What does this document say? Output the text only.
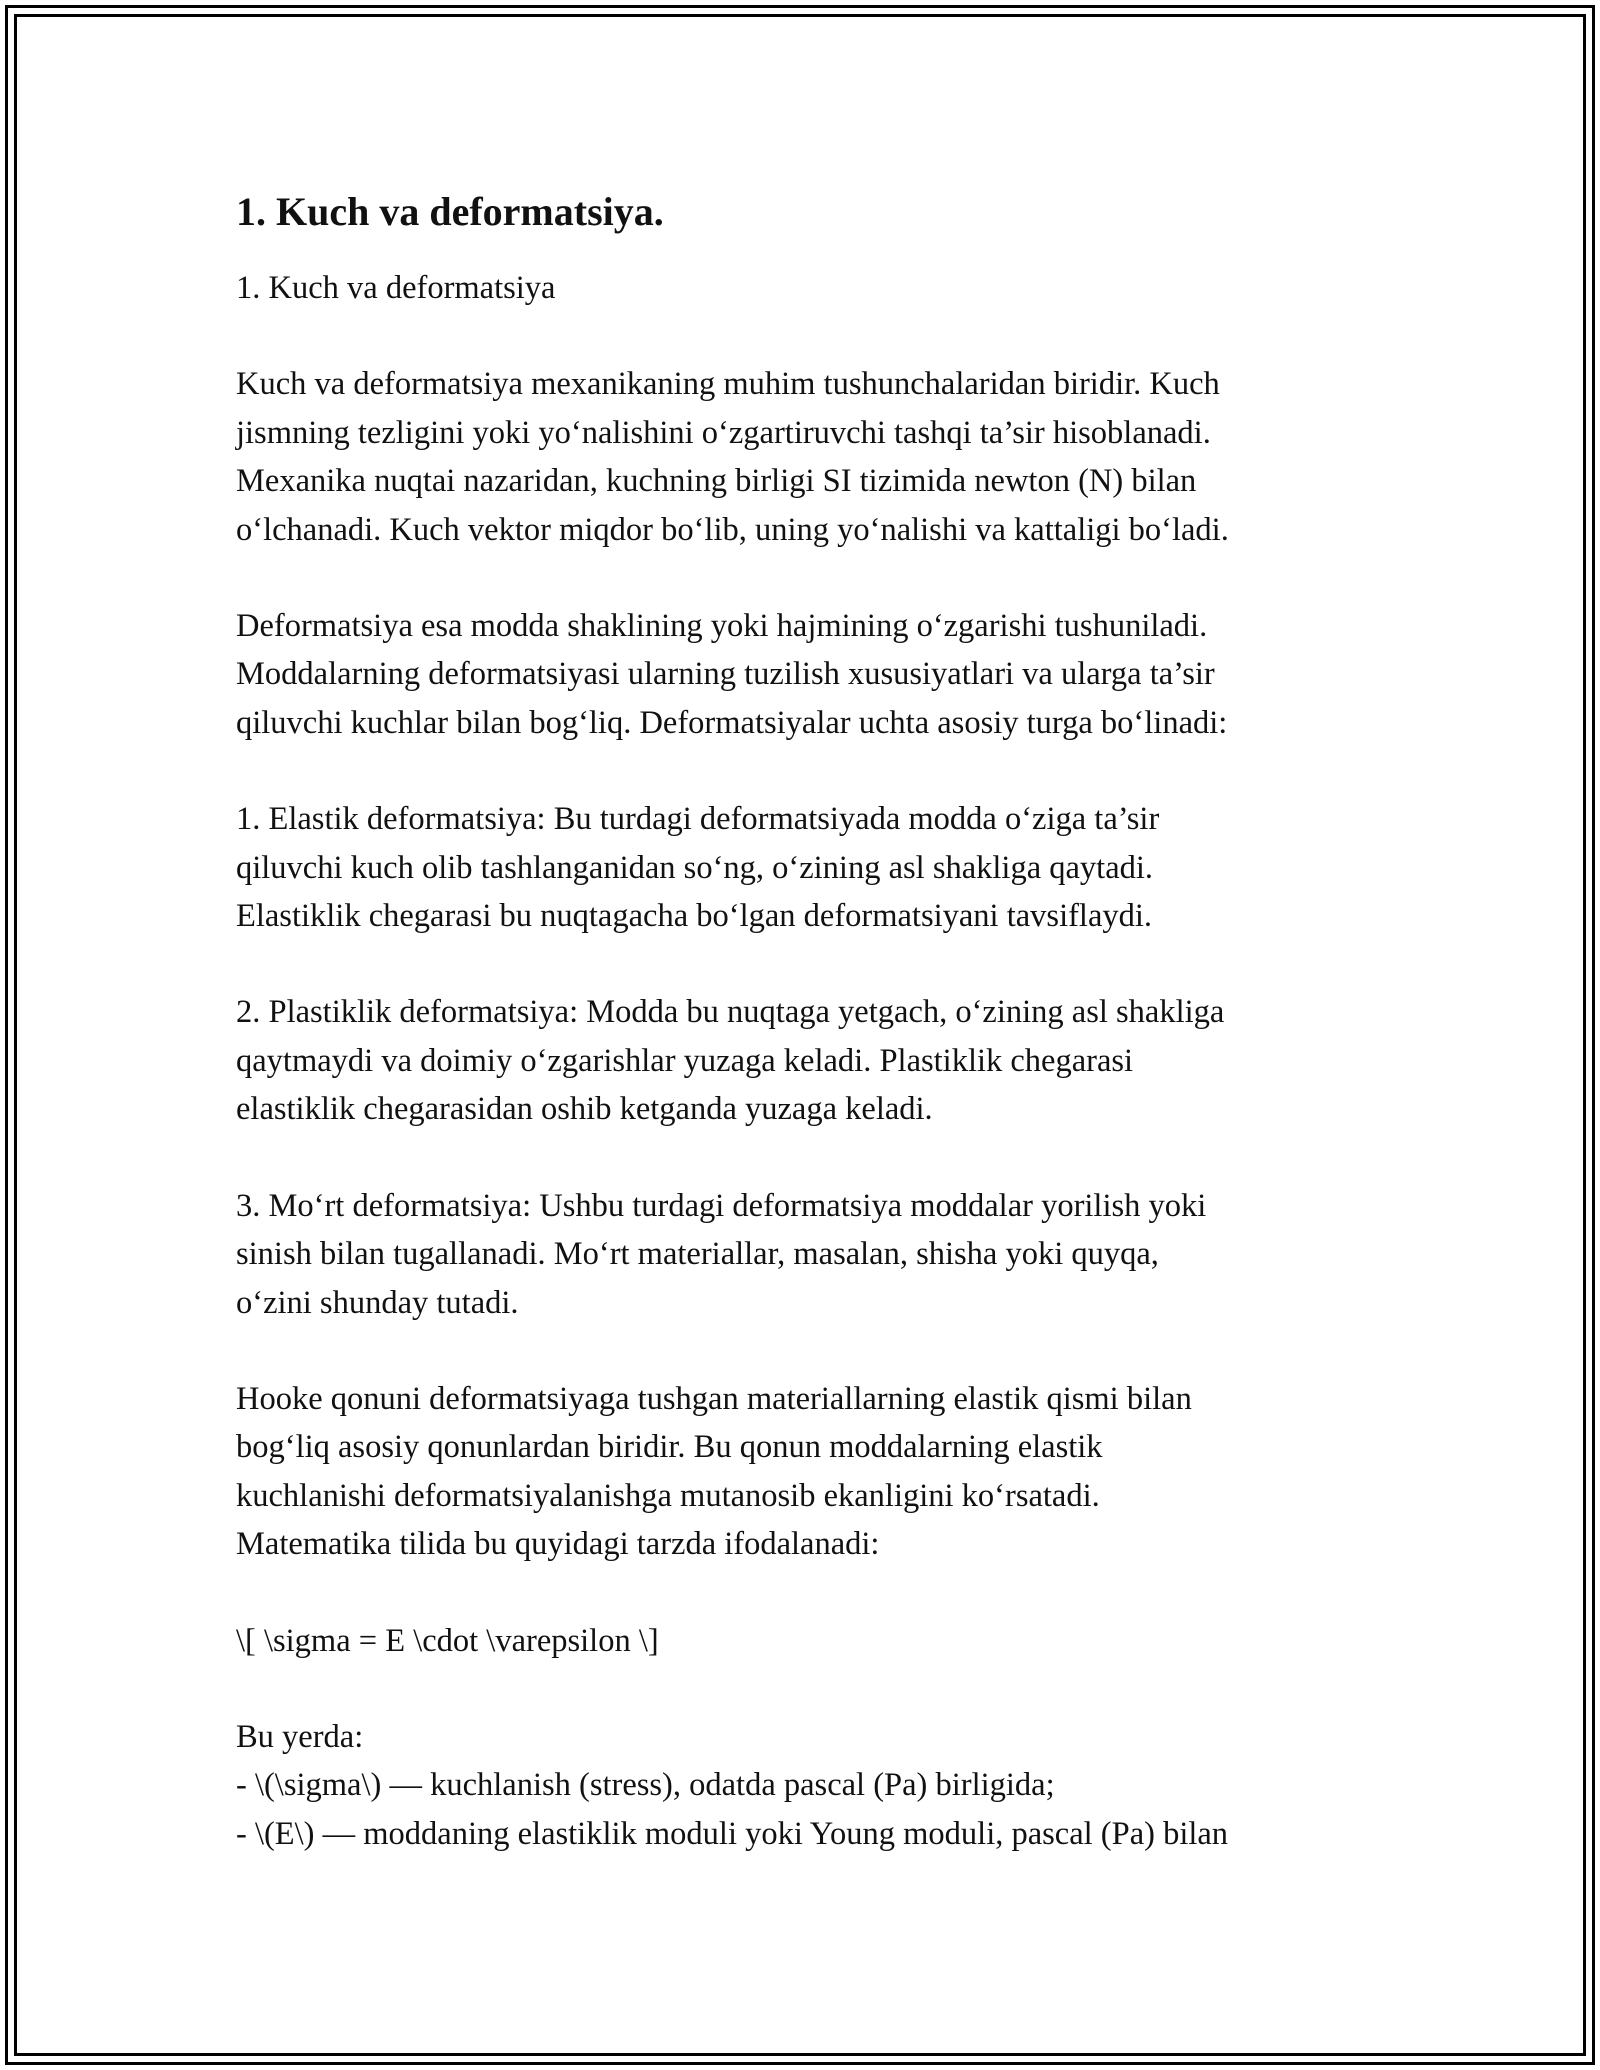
1. Kuch va deformatsiya.

1. Kuch va deformatsiya

Kuch va deformatsiya mexanikaning muhim tushunchalaridan biridir. Kuch
jismning tezligini yoki yo‘nalishini o‘zgartiruvchi tashqi ta’sir hisoblanadi.
Mexanika nuqtai nazaridan, kuchning birligi SI tizimida newton (N) bilan
o‘lchanadi. Kuch vektor miqdor bo‘lib, uning yo‘nalishi va kattaligi bo‘ladi.

Deformatsiya esa modda shaklining yoki hajmining o‘zgarishi tushuniladi.
Moddalarning deformatsiyasi ularning tuzilish xususiyatlari va ularga ta’sir
qiluvchi kuchlar bilan bog‘liq. Deformatsiyalar uchta asosiy turga bo‘linadi:

1. Elastik deformatsiya: Bu turdagi deformatsiyada modda o‘ziga ta’sir
qiluvchi kuch olib tashlanganidan so‘ng, o‘zining asl shakliga qaytadi.
Elastiklik chegarasi bu nuqtagacha bo‘lgan deformatsiyani tavsiflaydi.

2. Plastiklik deformatsiya: Modda bu nuqtaga yetgach, o‘zining asl shakliga
qaytmaydi va doimiy o‘zgarishlar yuzaga keladi. Plastiklik chegarasi
elastiklik chegarasidan oshib ketganda yuzaga keladi.

3. Mo‘rt deformatsiya: Ushbu turdagi deformatsiya moddalar yorilish yoki
sinish bilan tugallanadi. Mo‘rt materiallar, masalan, shisha yoki quyqa,
o‘zini shunday tutadi.

Hooke qonuni deformatsiyaga tushgan materiallarning elastik qismi bilan
bog‘liq asosiy qonunlardan biridir. Bu qonun moddalarning elastik
kuchlanishi deformatsiyalanishga mutanosib ekanligini ko‘rsatadi.
Matematika tilida bu quyidagi tarzda ifodalanadi:

\[ \sigma = E \cdot \varepsilon \]

Bu yerda:
- \(\sigma\) — kuchlanish (stress), odatda pascal (Pa) birligida;
- \(E\) — moddaning elastiklik moduli yoki Young moduli, pascal (Pa) bilan
